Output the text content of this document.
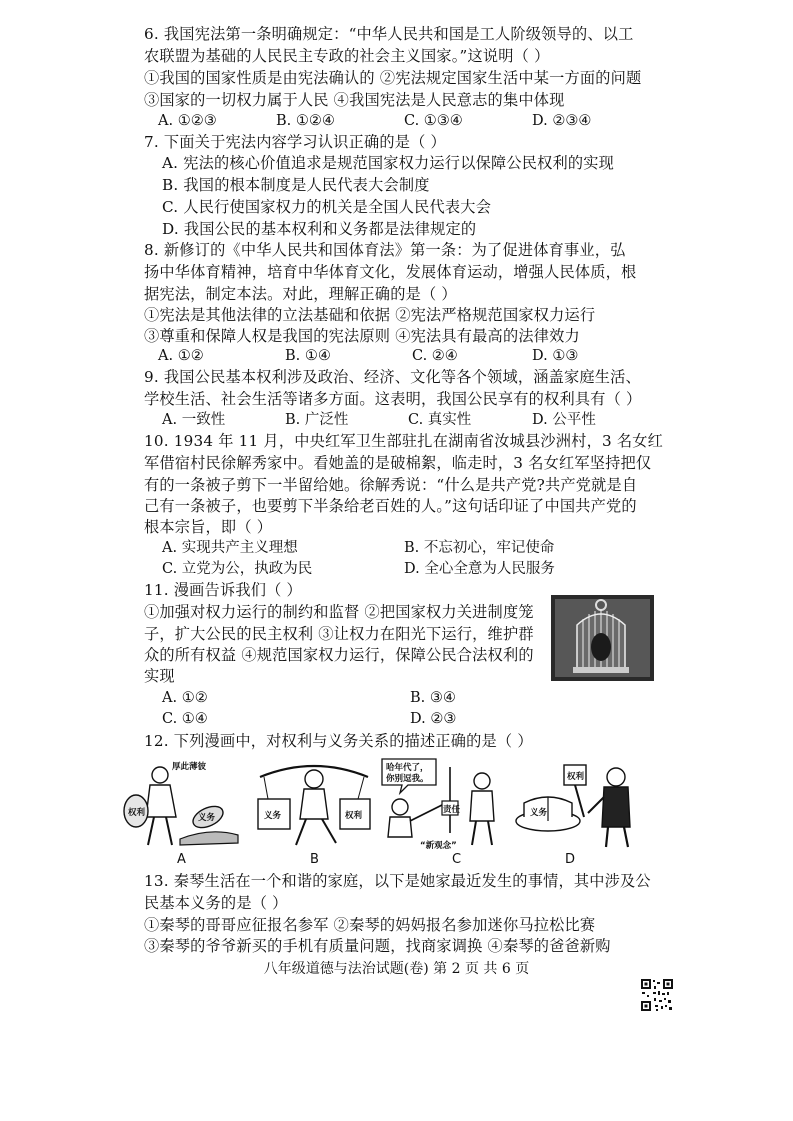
6. 我国宪法第一条明确规定：“中华人民共和国是工人阶级领导的、以工
农联盟为基础的人民民主专政的社会主义国家。”这说明（ ）
①我国的国家性质是由宪法确认的 ②宪法规定国家生活中某一方面的问题
③国家的一切权力属于人民 ④我国宪法是人民意志的集中体现
A. ①②③	B. ①②④	C. ①③④	D. ②③④
7. 下面关于宪法内容学习认识正确的是（ ）
A. 宪法的核心价值追求是规范国家权力运行以保障公民权利的实现
B. 我国的根本制度是人民代表大会制度
C. 人民行使国家权力的机关是全国人民代表大会
D. 我国公民的基本权利和义务都是法律规定的
8. 新修订的《中华人民共和国体育法》第一条：为了促进体育事业，弘
扬中华体育精神，培育中华体育文化，发展体育运动，增强人民体质，根
据宪法，制定本法。对此，理解正确的是（ ）
①宪法是其他法律的立法基础和依据 ②宪法严格规范国家权力运行
③尊重和保障人权是我国的宪法原则 ④宪法具有最高的法律效力
A. ①②	B. ①④	C. ②④	D. ①③
9. 我国公民基本权利涉及政治、经济、文化等各个领域，涵盖家庭生活、
学校生活、社会生活等诸多方面。这表明，我国公民享有的权利具有（ ）
A. 一致性	B. 广泛性	C. 真实性	D. 公平性
10. 1934 年 11 月，中央红军卫生部驻扎在湖南省汝城县沙洲村，3 名女红
军借宿村民徐解秀家中。看她盖的是破棉絮，临走时，3 名女红军坚持把仅
有的一条被子剪下一半留给她。徐解秀说：“什么是共产党?共产党就是自
己有一条被子，也要剪下半条给老百姓的人。”这句话印证了中国共产党的
根本宗旨，即（ ）
A. 实现共产主义理想	B. 不忘初心，牢记使命
C. 立党为公，执政为民	D. 全心全意为人民服务
11. 漫画告诉我们（ ）
①加强对权力运行的制约和监督 ②把国家权力关进制度笼
子，扩大公民的民主权利 ③让权力在阳光下运行，维护群
众的所有权益 ④规范国家权力运行，保障公民合法权利的
实现
A. ①②	B. ③④
C. ①④	D. ②③
12. 下列漫画中，对权利与义务关系的描述正确的是（ ）
厚此薄彼
权利	义务
A
义务	权利
B
哈年代了，
你别逗我。
责任
“新观念”
C
权利
义务
D
13. 秦琴生活在一个和谐的家庭，以下是她家最近发生的事情，其中涉及公
民基本义务的是（ ）
①秦琴的哥哥应征报名参军 ②秦琴的妈妈报名参加迷你马拉松比赛
③秦琴的爷爷新买的手机有质量问题，找商家调换 ④秦琴的爸爸新购
八年级道德与法治试题(卷) 第 2 页 共 6 页
